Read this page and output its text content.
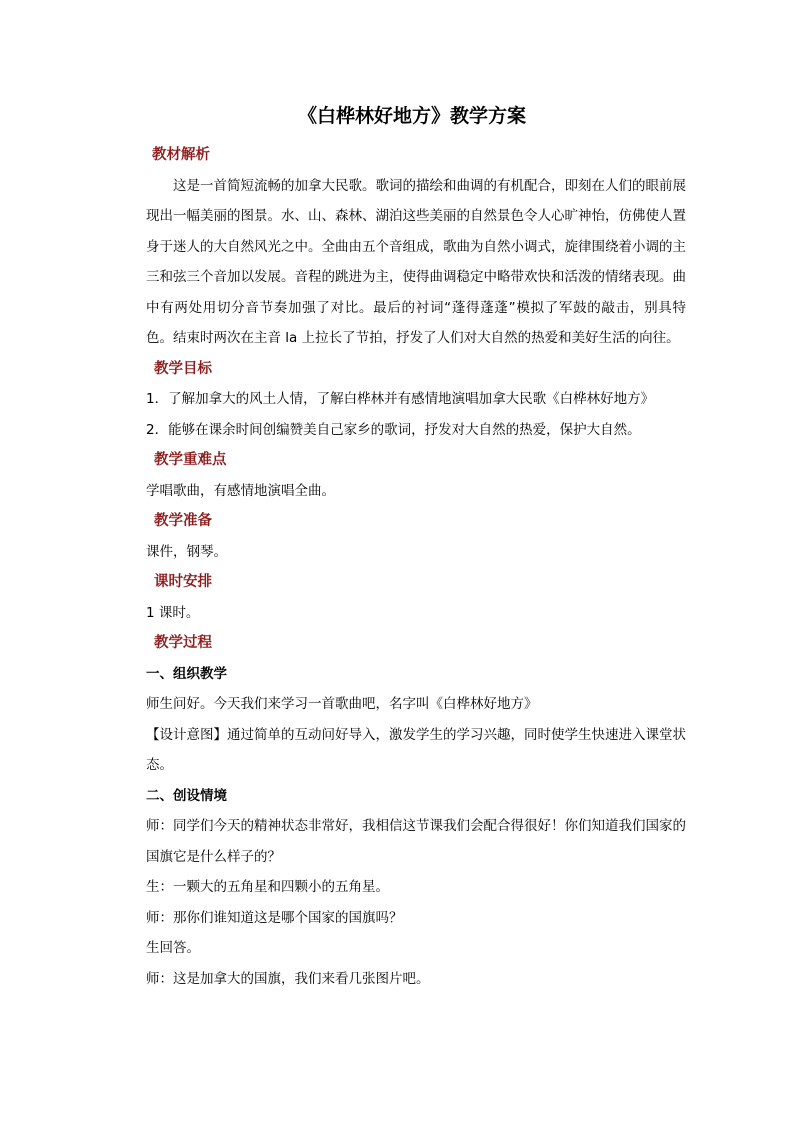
《白桦林好地方》教学方案

教材解析

这是一首简短流畅的加拿大民歌。歌词的描绘和曲调的有机配合，即刻在人们的眼前展现出一幅美丽的图景。水、山、森林、湖泊这些美丽的自然景色令人心旷神怡，仿佛使人置身于迷人的大自然风光之中。全曲由五个音组成，歌曲为自然小调式，旋律围绕着小调的主三和弦三个音加以发展。音程的跳进为主，使得曲调稳定中略带欢快和活泼的情绪表现。曲中有两处用切分音节奏加强了对比。最后的衬词“蓬得蓬蓬”模拟了军鼓的敲击，别具特色。结束时两次在主音 la 上拉长了节拍，抒发了人们对大自然的热爱和美好生活的向往。

教学目标

1．了解加拿大的风土人情，了解白桦林并有感情地演唱加拿大民歌《白桦林好地方》

2．能够在课余时间创编赞美自己家乡的歌词，抒发对大自然的热爱，保护大自然。

教学重难点

学唱歌曲，有感情地演唱全曲。

教学准备

课件，钢琴。

课时安排

1 课时。

教学过程

一、组织教学

师生问好。今天我们来学习一首歌曲吧，名字叫《白桦林好地方》

【设计意图】通过简单的互动问好导入，激发学生的学习兴趣，同时使学生快速进入课堂状态。

二、创设情境

师：同学们今天的精神状态非常好，我相信这节课我们会配合得很好！你们知道我们国家的国旗它是什么样子的？

生：一颗大的五角星和四颗小的五角星。

师：那你们谁知道这是哪个国家的国旗吗？

生回答。

师：这是加拿大的国旗，我们来看几张图片吧。
